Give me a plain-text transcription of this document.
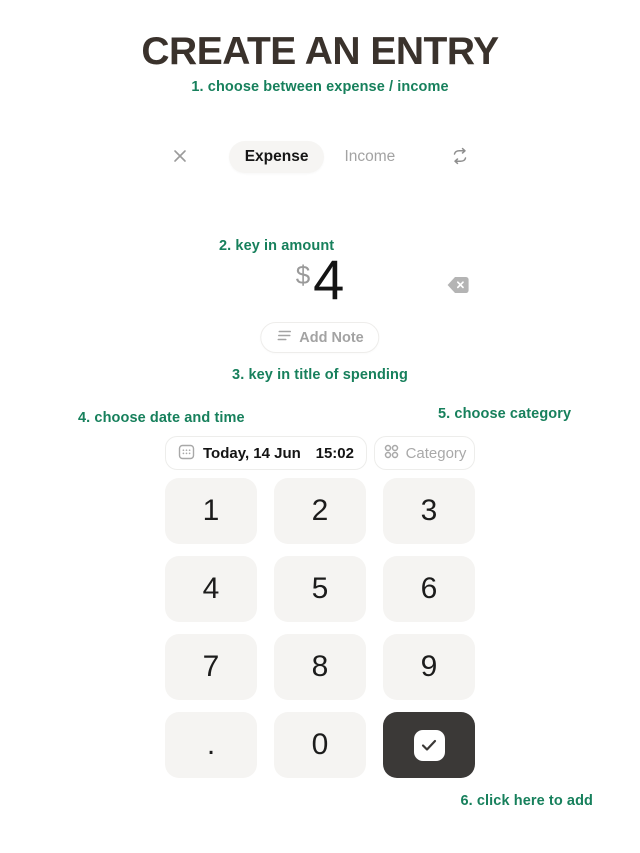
CREATE AN ENTRY
1. choose between expense / income
Expense	Income
2. key in amount
$ 4
Add Note
3. key in title of spending
4. choose date and time	5. choose category
Today, 14 Jun 15:02	Category
1	2	3
4	5	6
7	8	9
.	0
6. click here to add
